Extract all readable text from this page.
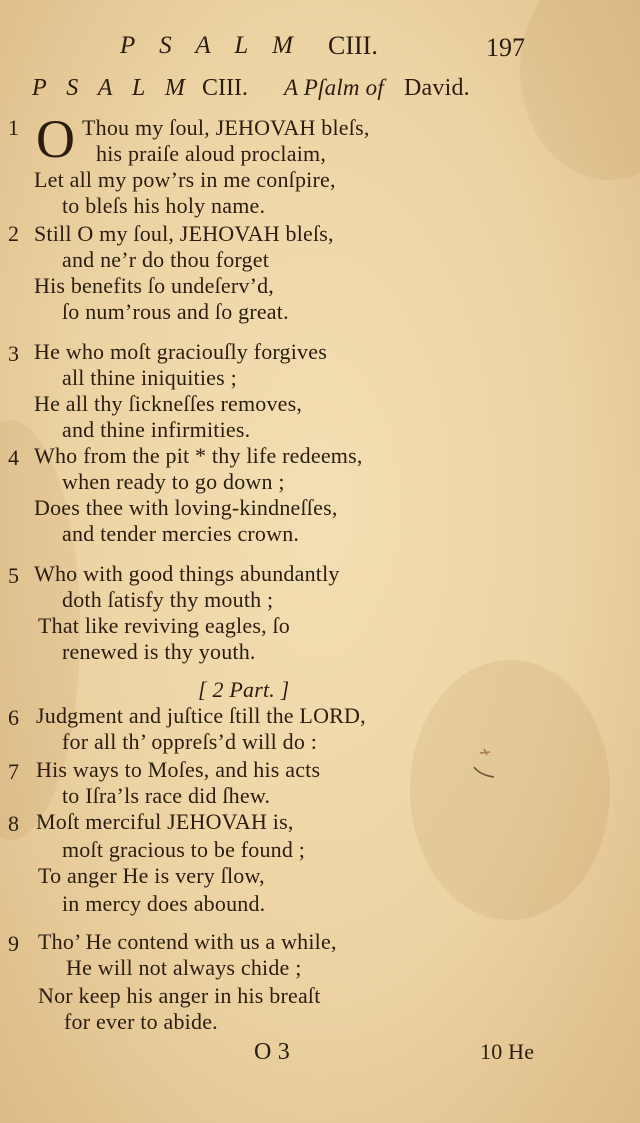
P S A L M CIII.	197
P S A L M CIII. A Pſalm of David.
1 O Thou my ſoul, JEHOVAH bleſs,
his praiſe aloud proclaim,
Let all my pow’rs in me conſpire,
to bleſs his holy name.
2 Still O my ſoul, JEHOVAH bleſs,
and ne’r do thou forget
His benefits ſo undeſerv’d,
ſo num’rous and ſo great.
3 He who moſt graciouſly forgives
all thine iniquities ;
He all thy ſickneſſes removes,
and thine infirmities.
4 Who from the pit * thy life redeems,
when ready to go down ;
Does thee with loving-kindneſſes,
and tender mercies crown.
5 Who with good things abundantly
doth ſatisfy thy mouth ;
That like reviving eagles, ſo
renewed is thy youth.
[ 2 Part. ]
6 Judgment and juſtice ſtill the LORD,
for all th’ oppreſs’d will do :
7 His ways to Moſes, and his acts
to Iſra’ls race did ſhew.
8 Moſt merciful JEHOVAH is,
moſt gracious to be found ;
To anger He is very ſlow,
in mercy does abound.
9 Tho’ He contend with us a while,
He will not always chide ;
Nor keep his anger in his breaſt
for ever to abide.
O 3	10 He
